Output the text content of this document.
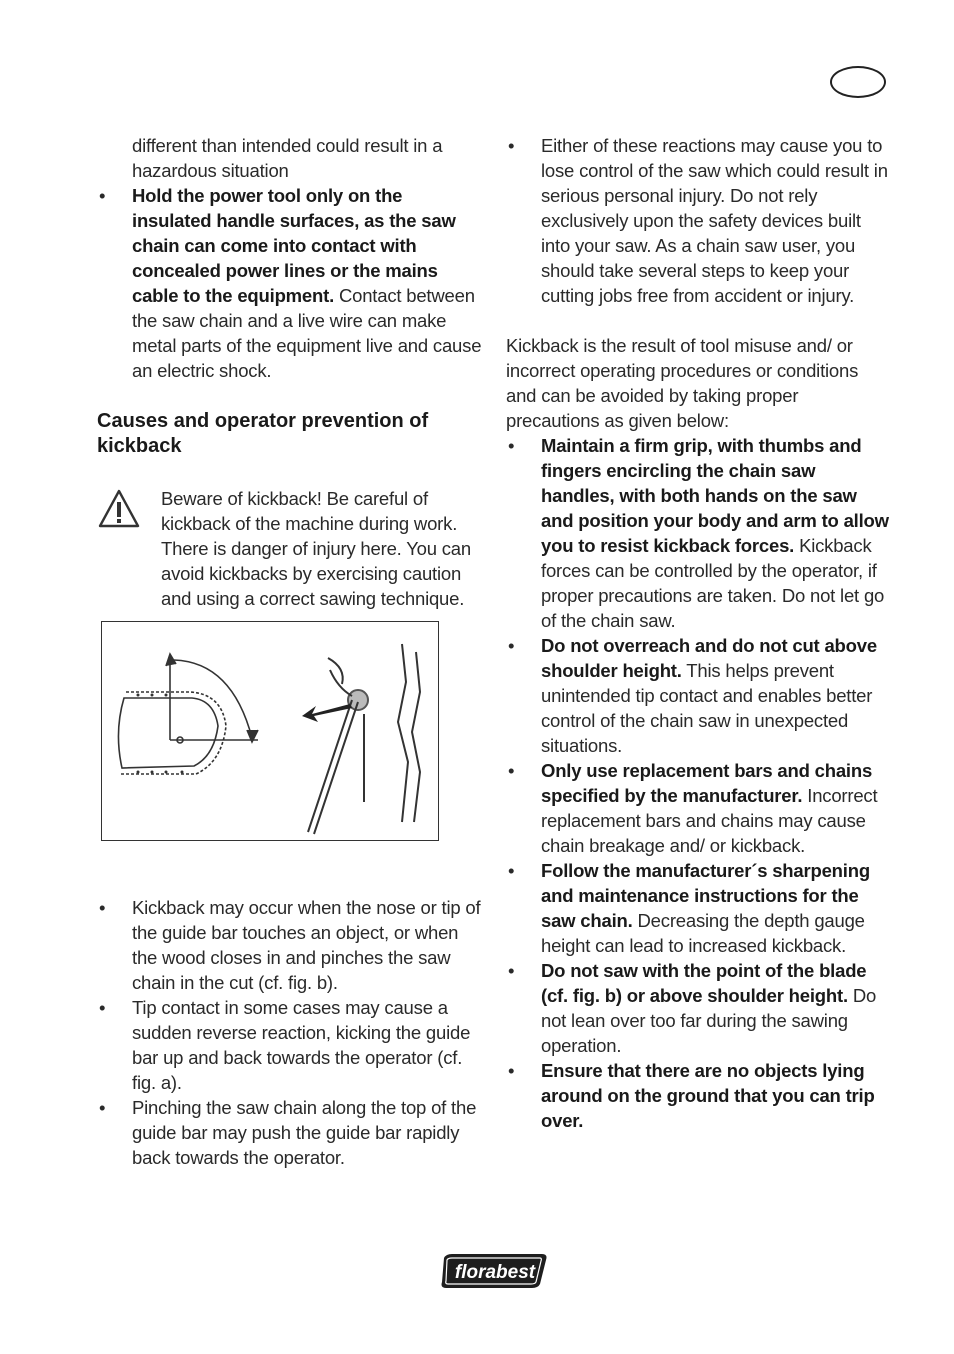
different than intended could result in a hazardous situation

• Hold the power tool only on the insulated handle surfaces, as the saw chain can come into contact with concealed power lines or the mains cable to the equipment. Contact between the saw chain and a live wire can make metal parts of the equipment live and cause an electric shock.

Causes and operator prevention of kickback

Beware of kickback! Be careful of kickback of the machine during work. There is danger of injury here. You can avoid kickbacks by exercising caution and using a correct sawing technique.

• Kickback may occur when the nose or tip of the guide bar touches an object, or when the wood closes in and pinches the saw chain in the cut (cf. fig. b).

• Tip contact in some cases may cause a sudden reverse reaction, kicking the guide bar up and back towards the operator (cf. fig. a).

• Pinching the saw chain along the top of the guide bar may push the guide bar rapidly back towards the operator.

• Either of these reactions may cause you to lose control of the saw which could result in serious personal injury. Do not rely exclusively upon the safety devices built into your saw. As a chain saw user, you should take several steps to keep your cutting jobs free from accident or injury.

Kickback is the result of tool misuse and/ or incorrect operating procedures or conditions and can be avoided by taking proper precautions as given below:

• Maintain a firm grip, with thumbs and fingers encircling the chain saw handles, with both hands on the saw and position your body and arm to allow you to resist kickback forces. Kickback forces can be controlled by the operator, if proper precautions are taken. Do not let go of the chain saw.

• Do not overreach and do not cut above shoulder height. This helps prevent unintended tip contact and enables better control of the chain saw in unexpected situations.

• Only use replacement bars and chains specified by the manufacturer. Incorrect replacement bars and chains may cause chain breakage and/ or kickback.

• Follow the manufacturer´s sharpening and maintenance instructions for the saw chain. Decreasing the depth gauge height can lead to increased kickback.

• Do not saw with the point of the blade (cf. fig. b) or above shoulder height. Do not lean over too far during the sawing operation.

• Ensure that there are no objects lying around on the ground that you can trip over.

florabest
